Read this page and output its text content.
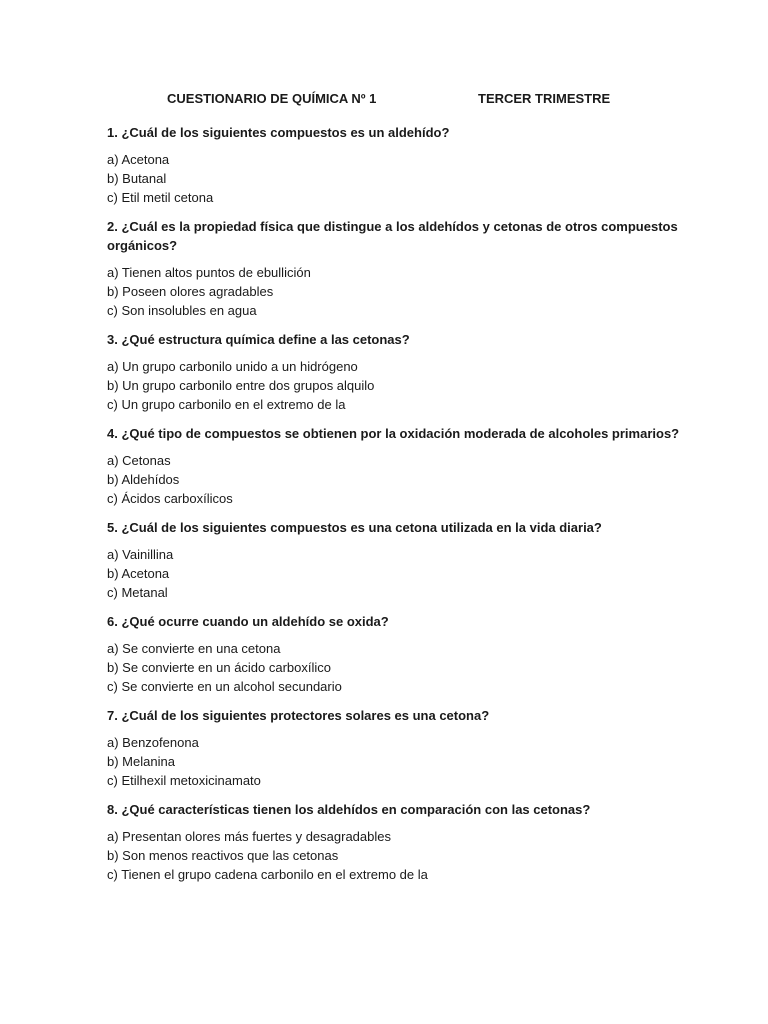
CUESTIONARIO DE QUÍMICA Nº 1	TERCER TRIMESTRE

1. ¿Cuál de los siguientes compuestos es un aldehído?

a) Acetona
b) Butanal
c) Etil metil cetona

2. ¿Cuál es la propiedad física que distingue a los aldehídos y cetonas de otros compuestos orgánicos?

a) Tienen altos puntos de ebullición
b) Poseen olores agradables
c) Son insolubles en agua

3. ¿Qué estructura química define a las cetonas?

a) Un grupo carbonilo unido a un hidrógeno
b) Un grupo carbonilo entre dos grupos alquilo
c) Un grupo carbonilo en el extremo de la

4. ¿Qué tipo de compuestos se obtienen por la oxidación moderada de alcoholes primarios?

a) Cetonas
b) Aldehídos
c) Ácidos carboxílicos

5. ¿Cuál de los siguientes compuestos es una cetona utilizada en la vida diaria?

a) Vainillina
b) Acetona
c) Metanal

6. ¿Qué ocurre cuando un aldehído se oxida?

a) Se convierte en una cetona
b) Se convierte en un ácido carboxílico
c) Se convierte en un alcohol secundario

7. ¿Cuál de los siguientes protectores solares es una cetona?

a) Benzofenona
b) Melanina
c) Etilhexil metoxicinamato

8. ¿Qué características tienen los aldehídos en comparación con las cetonas?

a) Presentan olores más fuertes y desagradables
b) Son menos reactivos que las cetonas
c) Tienen el grupo cadena carbonilo en el extremo de la
